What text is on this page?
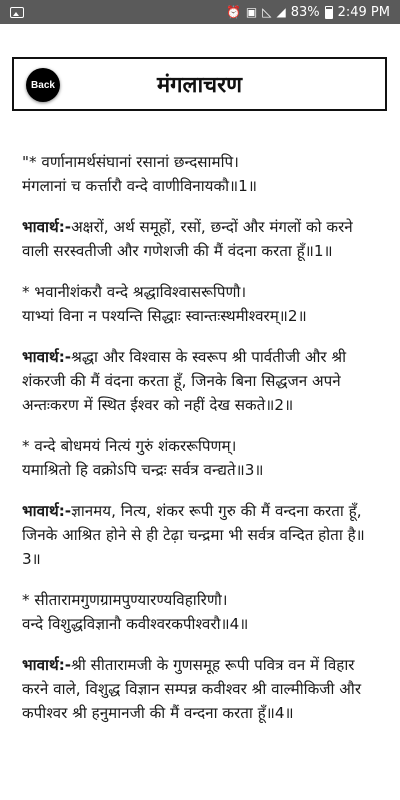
⏰ ▣ ◺ ◢ 83% 2:49 PM
Back	मंगलाचरण
"* वर्णानामर्थसंघानां रसानां छन्दसामपि।
मंगलानां च कर्त्तारौ वन्दे वाणीविनायकौ॥1॥
भावार्थ:-अक्षरों, अर्थ समूहों, रसों, छन्दों और मंगलों को करने वाली सरस्वतीजी और गणेशजी की मैं वंदना करता हूँ॥1॥
* भवानीशंकरौ वन्दे श्रद्धाविश्वासरूपिणौ।
याभ्यां विना न पश्यन्ति सिद्धाः स्वान्तःस्थमीश्वरम्‌॥2॥
भावार्थ:-श्रद्धा और विश्वास के स्वरूप श्री पार्वतीजी और श्री शंकरजी की मैं वंदना करता हूँ, जिनके बिना सिद्धजन अपने अन्तःकरण में स्थित ईश्वर को नहीं देख सकते॥2॥
* वन्दे बोधमयं नित्यं गुरुं शंकररूपिणम्‌।
यमाश्रितो हि वक्रोऽपि चन्द्रः सर्वत्र वन्द्यते॥3॥
भावार्थ:-ज्ञानमय, नित्य, शंकर रूपी गुरु की मैं वन्दना करता हूँ, जिनके आश्रित होने से ही टेढ़ा चन्द्रमा भी सर्वत्र वन्दित होता है॥3॥
* सीतारामगुणग्रामपुण्यारण्यविहारिणौ।
वन्दे विशुद्धविज्ञानौ कवीश्वरकपीश्वरौ॥4॥
भावार्थ:-श्री सीतारामजी के गुणसमूह रूपी पवित्र वन में विहार करने वाले, विशुद्ध विज्ञान सम्पन्न कवीश्वर श्री वाल्मीकिजी और कपीश्वर श्री हनुमानजी की मैं वन्दना करता हूँ॥4॥
